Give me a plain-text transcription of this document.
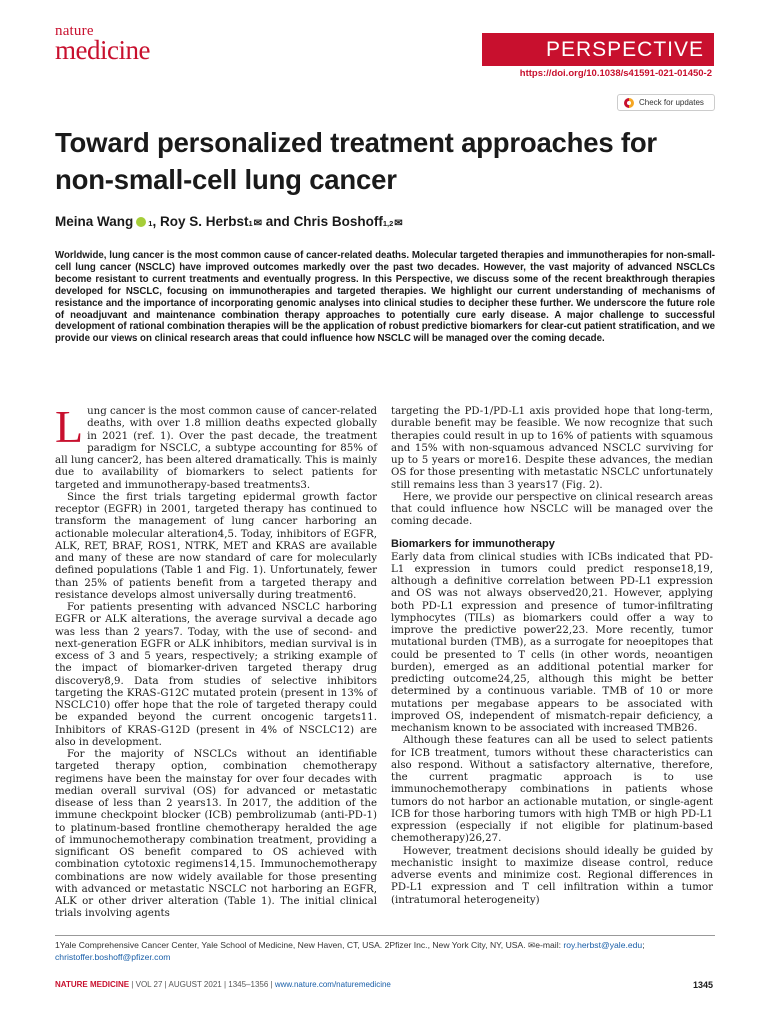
nature
medicine	PERSPECTIVE
https://doi.org/10.1038/s41591-021-01450-2
Check for updates
Toward personalized treatment approaches for non-small-cell lung cancer
Meina Wang 1 , Roy S. Herbst 1 ✉ and Chris Boshoff 1,2 ✉

Worldwide, lung cancer is the most common cause of cancer-related deaths. Molecular targeted therapies and immunotherapies for non-small-cell lung cancer (NSCLC) have improved outcomes markedly over the past two decades. However, the vast majority of advanced NSCLCs become resistant to current treatments and eventually progress. In this Perspective, we discuss some of the recent breakthrough therapies developed for NSCLC, focusing on immunotherapies and targeted therapies. We highlight our current understanding of mechanisms of resistance and the importance of incorporating genomic analyses into clinical studies to decipher these further. We underscore the future role of neoadjuvant and maintenance combination therapy approaches to potentially cure early disease. A major challenge to successful development of rational combination therapies will be the application of robust predictive biomarkers for clear-cut patient stratification, and we provide our views on clinical research areas that could influence how NSCLC will be managed over the coming decade.

Lung cancer is the most common cause of cancer-related deaths, with over 1.8 million deaths expected globally in 2021 (ref. 1). Over the past decade, the treatment paradigm for NSCLC, a subtype accounting for 85% of all lung cancer2, has been altered dramatically. This is mainly due to availability of biomarkers to select patients for targeted and immunotherapy-based treatments3.

Since the first trials targeting epidermal growth factor receptor (EGFR) in 2001, targeted therapy has continued to transform the management of lung cancer harboring an actionable molecular alteration4,5. Today, inhibitors of EGFR, ALK, RET, BRAF, ROS1, NTRK, MET and KRAS are available and many of these are now standard of care for molecularly defined populations (Table 1 and Fig. 1). Unfortunately, fewer than 25% of patients benefit from a targeted therapy and resistance develops almost universally during treatment6.

For patients presenting with advanced NSCLC harboring EGFR or ALK alterations, the average survival a decade ago was less than 2 years7. Today, with the use of second- and next-generation EGFR or ALK inhibitors, median survival is in excess of 3 and 5 years, respectively; a striking example of the impact of biomarker-driven targeted therapy drug discovery8,9. Data from studies of selective inhibitors targeting the KRAS-G12C mutated protein (present in 13% of NSCLC10) offer hope that the role of targeted therapy could be expanded beyond the current oncogenic targets11. Inhibitors of KRAS-G12D (present in 4% of NSCLC12) are also in development.

For the majority of NSCLCs without an identifiable targeted therapy option, combination chemotherapy regimens have been the mainstay for over four decades with median overall survival (OS) for advanced or metastatic disease of less than 2 years13. In 2017, the addition of the immune checkpoint blocker (ICB) pembrolizumab (anti-PD-1) to platinum-based frontline chemotherapy heralded the age of immunochemotherapy combination treatment, providing a significant OS benefit compared to OS achieved with combination cytotoxic regimens14,15. Immunochemotherapy combinations are now widely available for those presenting with advanced or metastatic NSCLC not harboring an EGFR, ALK or other driver alteration (Table 1). The initial clinical trials involving agents

targeting the PD-1/PD-L1 axis provided hope that long-term, durable benefit may be feasible. We now recognize that such therapies could result in up to 16% of patients with squamous and 15% with non-squamous advanced NSCLC surviving for up to 5 years or more16. Despite these advances, the median OS for those presenting with metastatic NSCLC unfortunately still remains less than 3 years17 (Fig. 2).

Here, we provide our perspective on clinical research areas that could influence how NSCLC will be managed over the coming decade.

Biomarkers for immunotherapy

Early data from clinical studies with ICBs indicated that PD-L1 expression in tumors could predict response18,19, although a definitive correlation between PD-L1 expression and OS was not always observed20,21. However, applying both PD-L1 expression and presence of tumor-infiltrating lymphocytes (TILs) as biomarkers could offer a way to improve the predictive power22,23. More recently, tumor mutational burden (TMB), as a surrogate for neoepitopes that could be presented to T cells (in other words, neoantigen burden), emerged as an additional potential marker for predicting outcome24,25, although this might be better determined by a continuous variable. TMB of 10 or more mutations per megabase appears to be associated with improved OS, independent of mismatch-repair deficiency, a mechanism known to be associated with increased TMB26.

Although these features can all be used to select patients for ICB treatment, tumors without these characteristics can also respond. Without a satisfactory alternative, therefore, the current pragmatic approach is to use immunochemotherapy combinations in patients whose tumors do not harbor an actionable mutation, or single-agent ICB for those harboring tumors with high TMB or high PD-L1 expression (especially if not eligible for platinum-based chemotherapy)26,27.

However, treatment decisions should ideally be guided by mechanistic insight to maximize disease control, reduce adverse events and minimize cost. Regional differences in PD-L1 expression and T cell infiltration within a tumor (intratumoral heterogeneity)

1Yale Comprehensive Cancer Center, Yale School of Medicine, New Haven, CT, USA. 2Pfizer Inc., New York City, NY, USA. ✉e-mail: roy.herbst@yale.edu; christoffer.boshoff@pfizer.com

NATURE MEDICINE | VOL 27 | AUGUST 2021 | 1345–1356 | www.nature.com/naturemedicine	1345
